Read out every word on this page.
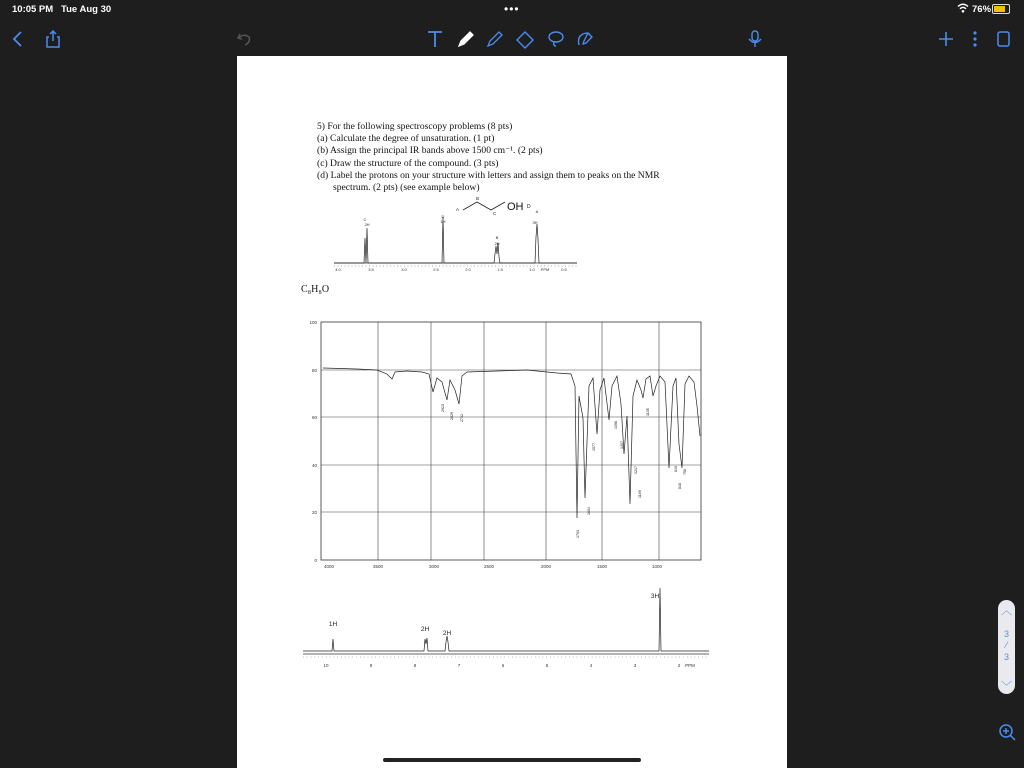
10:05 PM Tue Aug 30	•••	76%
5) For the following spectroscopy problems (8 pts)
(a) Calculate the degree of unsaturation. (1 pt)
(b) Assign the principal IR bands above 1500 cm⁻¹. (2 pts)
(c) Draw the structure of the compound. (3 pts)
(d) Label the protons on your structure with letters and assign them to peaks on the NMR
spectrum. (2 pts) (see example below)
A
B
C
OH D
C
2H
D
1H
B
2H
A
3H
4.0	3.5	3.0	2.5	2.0	1.5	1.0	0.5
PPM
100
80
60
40
20
0
4000	3500	3000	2500	2000	1500	1000
2923
2829 2732
1703
1604
1577
1398
1307
1217
1169
1105
840
818
758
1H
2H
2H
3H
10	9	8	7	6	5	4	3	2 PPM
C₈H₈O
︿
3
⁄
3
﹀
